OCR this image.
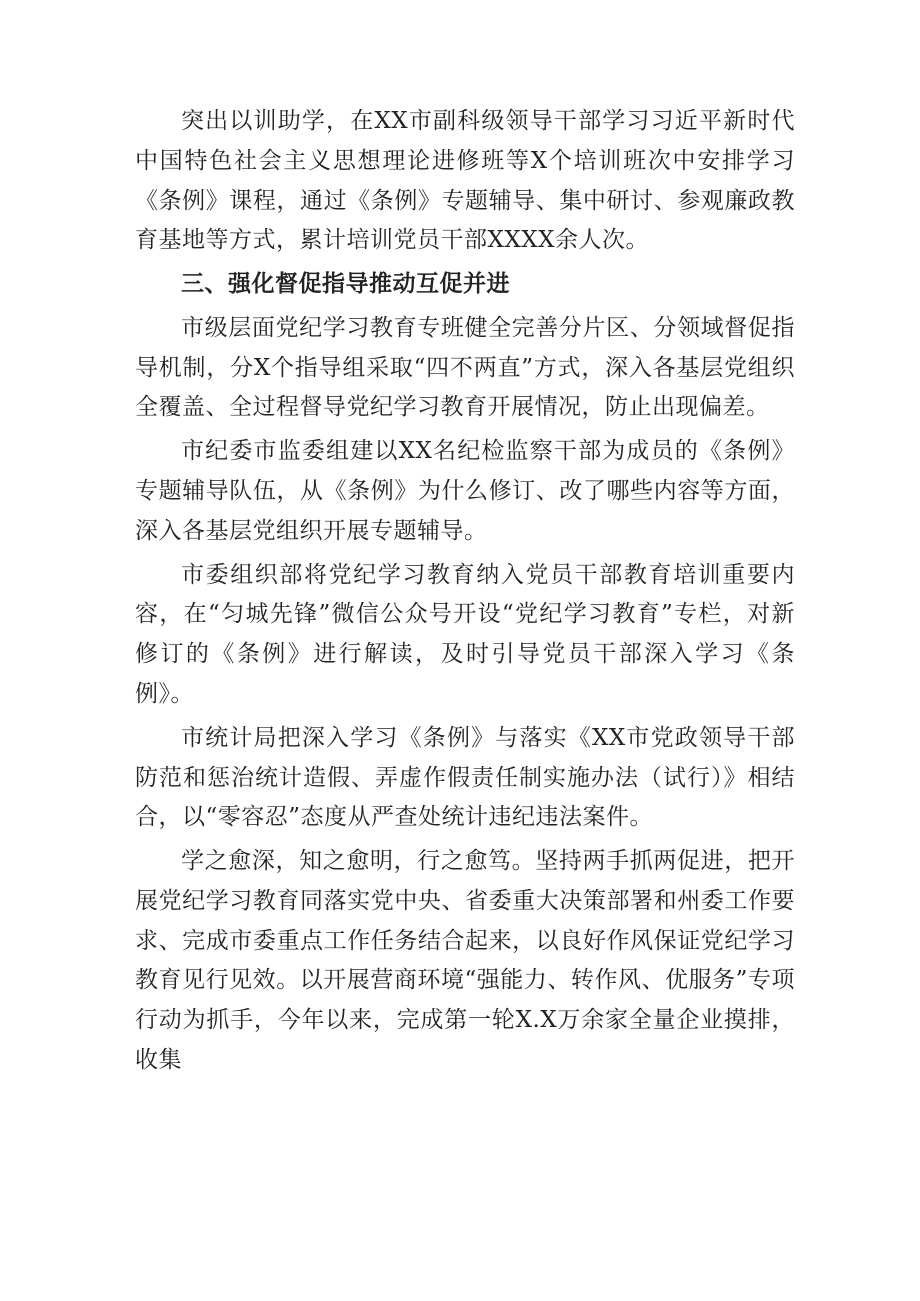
突出以训助学，在XX市副科级领导干部学习习近平新时代中国特色社会主义思想理论进修班等X个培训班次中安排学习《条例》课程，通过《条例》专题辅导、集中研讨、参观廉政教育基地等方式，累计培训党员干部XXXX余人次。

三、强化督促指导推动互促并进

市级层面党纪学习教育专班健全完善分片区、分领域督促指导机制，分X个指导组采取“四不两直”方式，深入各基层党组织全覆盖、全过程督导党纪学习教育开展情况，防止出现偏差。

市纪委市监委组建以XX名纪检监察干部为成员的《条例》专题辅导队伍，从《条例》为什么修订、改了哪些内容等方面，深入各基层党组织开展专题辅导。

市委组织部将党纪学习教育纳入党员干部教育培训重要内容，在“匀城先锋”微信公众号开设“党纪学习教育”专栏，对新修订的《条例》进行解读，及时引导党员干部深入学习《条例》。

市统计局把深入学习《条例》与落实《XX市党政领导干部防范和惩治统计造假、弄虚作假责任制实施办法（试行）》相结合，以“零容忍”态度从严查处统计违纪违法案件。

学之愈深，知之愈明，行之愈笃。坚持两手抓两促进，把开展党纪学习教育同落实党中央、省委重大决策部署和州委工作要求、完成市委重点工作任务结合起来，以良好作风保证党纪学习教育见行见效。以开展营商环境“强能力、转作风、优服务”专项行动为抓手，今年以来，完成第一轮X.X万余家全量企业摸排，收集
